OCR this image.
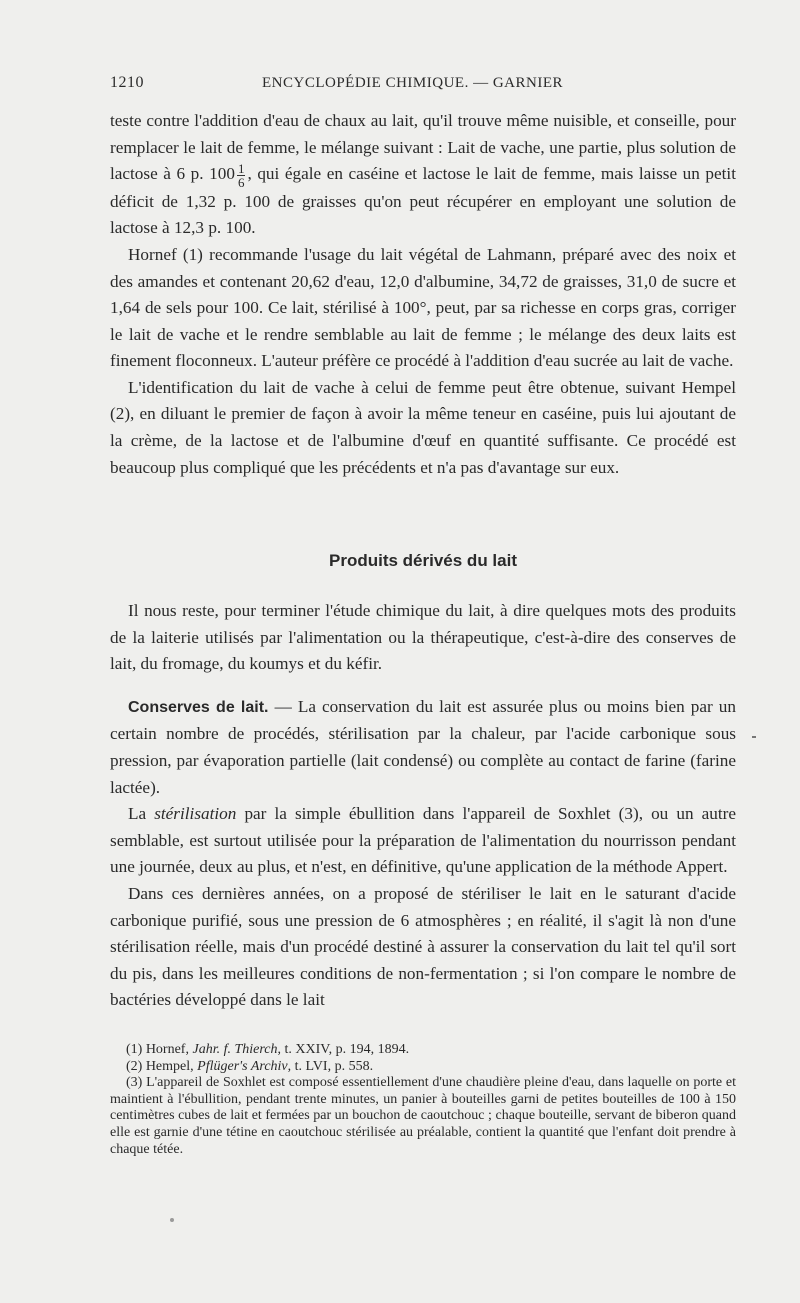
1210	ENCYCLOPÉDIE CHIMIQUE. — GARNIER

teste contre l'addition d'eau de chaux au lait, qu'il trouve même nuisible, et conseille, pour remplacer le lait de femme, le mélange suivant : Lait de vache, une partie, plus solution de lactose à 6 p. $100 \frac{1}{6}$ , qui égale en caséine et lactose le lait de femme, mais laisse un petit déficit de 1,32 p. 100 de graisses qu'on peut récupérer en employant une solution de lactose à 12,3 p. 100.

Hornef (1) recommande l'usage du lait végétal de Lahmann, préparé avec des noix et des amandes et contenant 20,62 d'eau, 12,0 d'albumine, 34,72 de graisses, 31,0 de sucre et 1,64 de sels pour 100. Ce lait, stérilisé à 100°, peut, par sa richesse en corps gras, corriger le lait de vache et le rendre semblable au lait de femme ; le mélange des deux laits est finement floconneux. L'auteur préfère ce procédé à l'addition d'eau sucrée au lait de vache.

L'identification du lait de vache à celui de femme peut être obtenue, suivant Hempel (2), en diluant le premier de façon à avoir la même teneur en caséine, puis lui ajoutant de la crème, de la lactose et de l'albumine d'œuf en quantité suffisante. Ce procédé est beaucoup plus compliqué que les précédents et n'a pas d'avantage sur eux.

Produits dérivés du lait

Il nous reste, pour terminer l'étude chimique du lait, à dire quelques mots des produits de la laiterie utilisés par l'alimentation ou la thérapeutique, c'est-à-dire des conserves de lait, du fromage, du koumys et du kéfir.

Conserves de lait. — La conservation du lait est assurée plus ou moins bien par un certain nombre de procédés, stérilisation par la chaleur, par l'acide carbonique sous pression, par évaporation partielle (lait condensé) ou complète au contact de farine (farine lactée).

La stérilisation par la simple ébullition dans l'appareil de Soxhlet (3), ou un autre semblable, est surtout utilisée pour la préparation de l'alimentation du nourrisson pendant une journée, deux au plus, et n'est, en définitive, qu'une application de la méthode Appert.

Dans ces dernières années, on a proposé de stériliser le lait en le saturant d'acide carbonique purifié, sous une pression de 6 atmosphères ; en réalité, il s'agit là non d'une stérilisation réelle, mais d'un procédé destiné à assurer la conservation du lait tel qu'il sort du pis, dans les meilleures conditions de non-fermentation ; si l'on compare le nombre de bactéries développé dans le lait

(1) Hornef, Jahr. f. Thierch, t. XXIV, p. 194, 1894.

(2) Hempel, Pflüger's Archiv, t. LVI, p. 558.

(3) L'appareil de Soxhlet est composé essentiellement d'une chaudière pleine d'eau, dans laquelle on porte et maintient à l'ébullition, pendant trente minutes, un panier à bouteilles garni de petites bouteilles de 100 à 150 centimètres cubes de lait et fermées par un bouchon de caoutchouc ; chaque bouteille, servant de biberon quand elle est garnie d'une tétine en caoutchouc stérilisée au préalable, contient la quantité que l'enfant doit prendre à chaque tétée.
